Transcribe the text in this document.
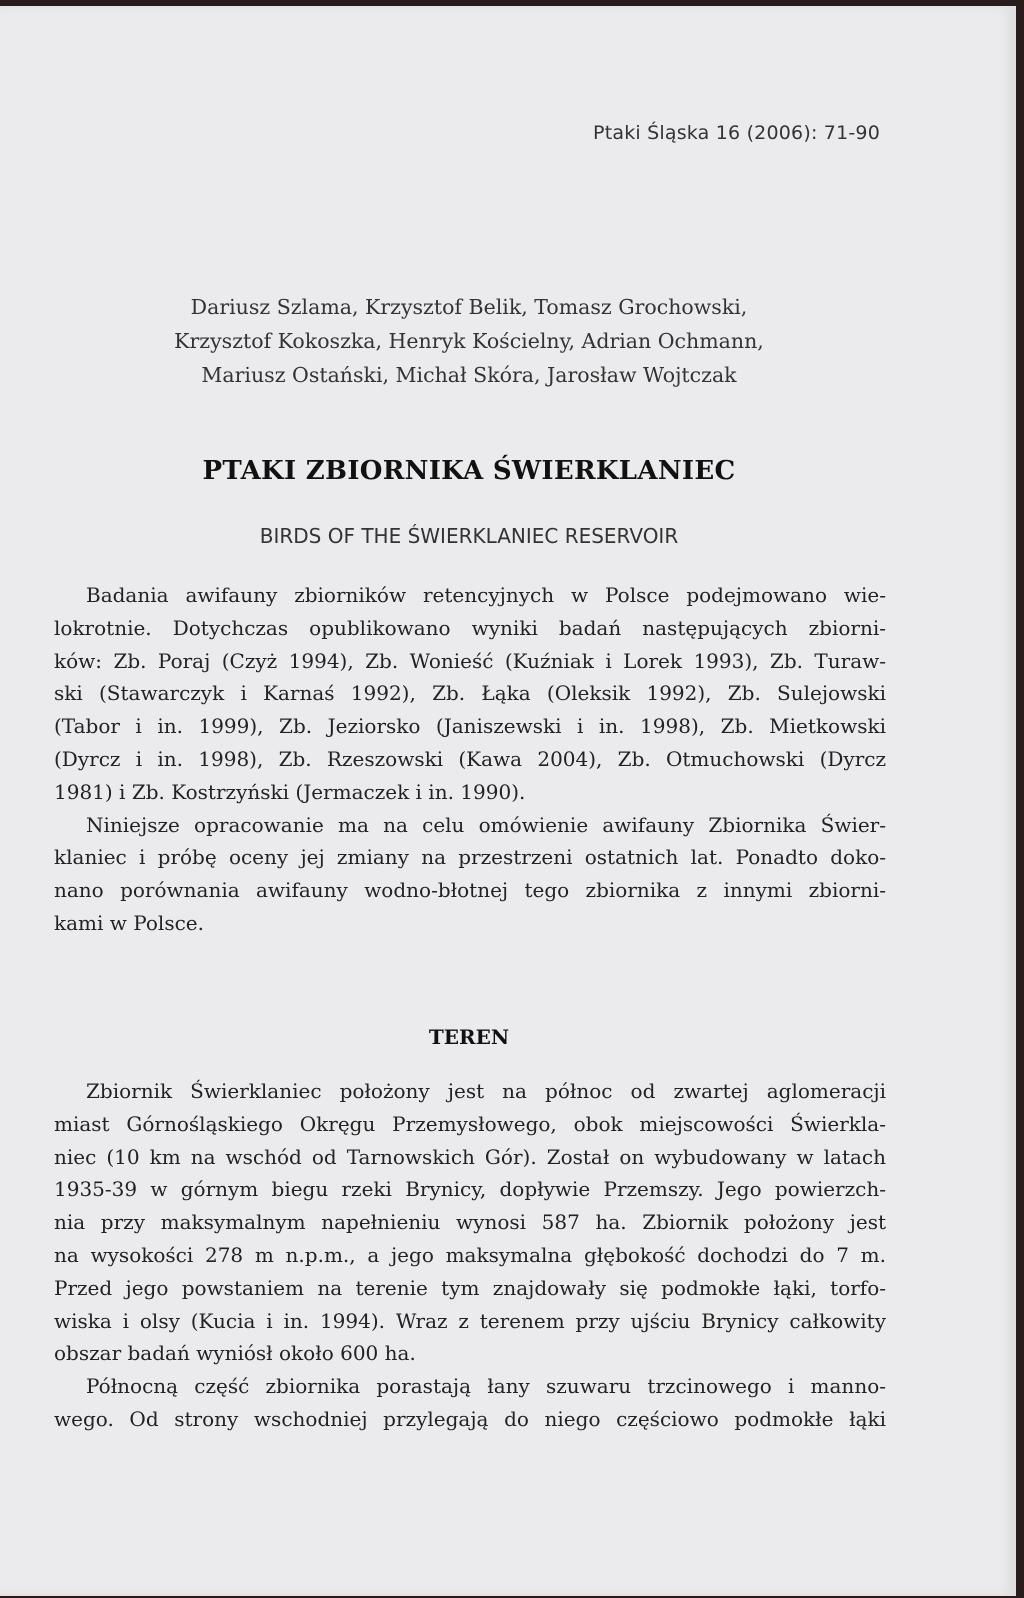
Ptaki Śląska 16 (2006): 71-90
Dariusz Szlama, Krzysztof Belik, Tomasz Grochowski,
Krzysztof Kokoszka, Henryk Kościelny, Adrian Ochmann,
Mariusz Ostański, Michał Skóra, Jarosław Wojtczak
PTAKI ZBIORNIKA ŚWIERKLANIEC
BIRDS OF THE ŚWIERKLANIEC RESERVOIR
Badania awifauny zbiorników retencyjnych w Polsce podejmowano wie-
lokrotnie. Dotychczas opublikowano wyniki badań następujących zbiorni-
ków: Zb. Poraj (Czyż 1994), Zb. Wonieść (Kuźniak i Lorek 1993), Zb. Turaw-
ski (Stawarczyk i Karnaś 1992), Zb. Łąka (Oleksik 1992), Zb. Sulejowski
(Tabor i in. 1999), Zb. Jeziorsko (Janiszewski i in. 1998), Zb. Mietkowski
(Dyrcz i in. 1998), Zb. Rzeszowski (Kawa 2004), Zb. Otmuchowski (Dyrcz
1981) i Zb. Kostrzyński (Jermaczek i in. 1990).
Niniejsze opracowanie ma na celu omówienie awifauny Zbiornika Świer-
klaniec i próbę oceny jej zmiany na przestrzeni ostatnich lat. Ponadto doko-
nano porównania awifauny wodno-błotnej tego zbiornika z innymi zbiorni-
kami w Polsce.
TEREN
Zbiornik Świerklaniec położony jest na północ od zwartej aglomeracji
miast Górnośląskiego Okręgu Przemysłowego, obok miejscowości Świerkla-
niec (10 km na wschód od Tarnowskich Gór). Został on wybudowany w latach
1935-39 w górnym biegu rzeki Brynicy, dopływie Przemszy. Jego powierzch-
nia przy maksymalnym napełnieniu wynosi 587 ha. Zbiornik położony jest
na wysokości 278 m n.p.m., a jego maksymalna głębokość dochodzi do 7 m.
Przed jego powstaniem na terenie tym znajdowały się podmokłe łąki, torfo-
wiska i olsy (Kucia i in. 1994). Wraz z terenem przy ujściu Brynicy całkowity
obszar badań wyniósł około 600 ha.
Północną część zbiornika porastają łany szuwaru trzcinowego i manno-
wego. Od strony wschodniej przylegają do niego częściowo podmokłe łąki
